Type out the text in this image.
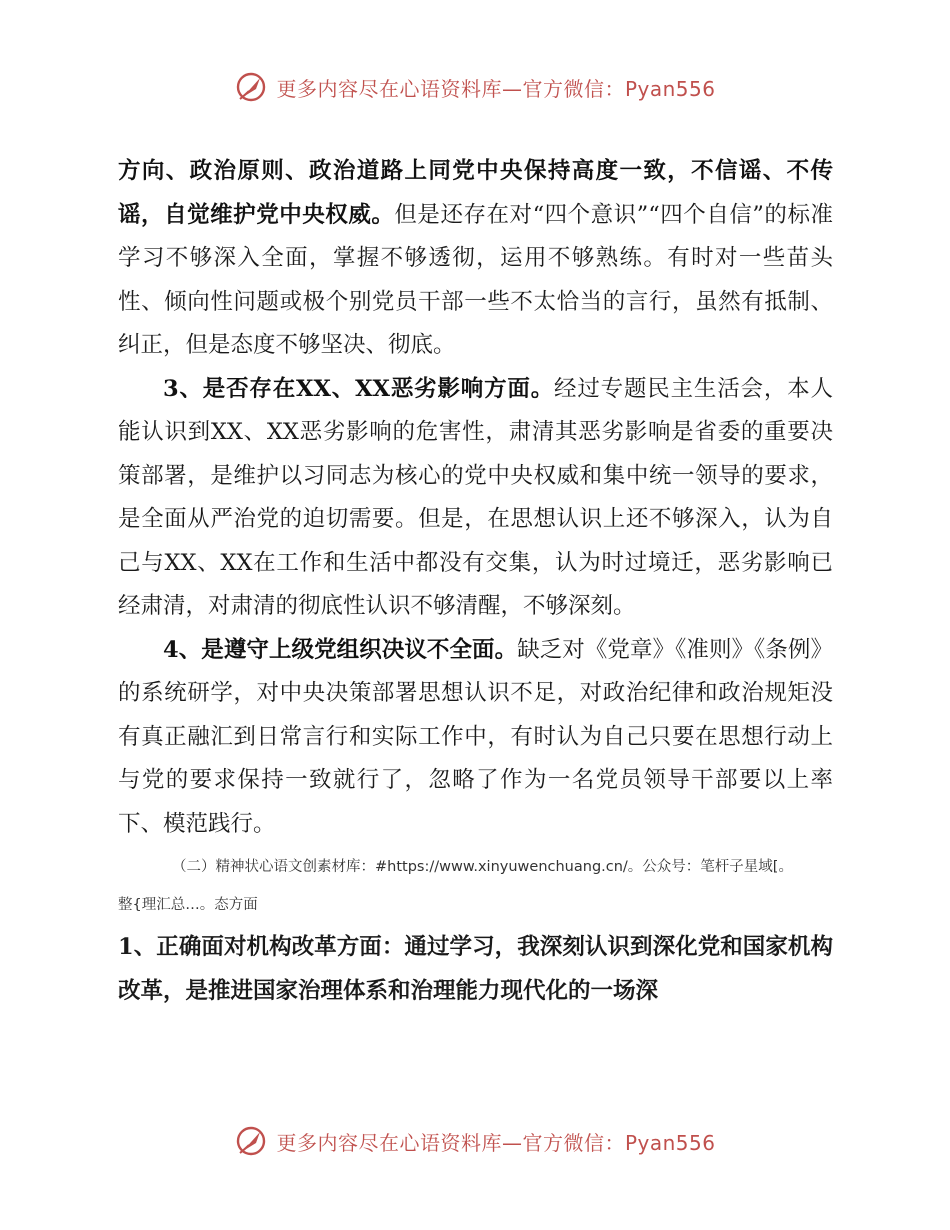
更多内容尽在心语资料库—官方微信：Pyan556

方向、政治原则、政治道路上同党中央保持高度一致，不信谣、不传谣，自觉维护党中央权威。但是还存在对“四个意识”“四个自信”的标准学习不够深入全面，掌握不够透彻，运用不够熟练。有时对一些苗头性、倾向性问题或极个别党员干部一些不太恰当的言行，虽然有抵制、纠正，但是态度不够坚决、彻底。

3、是否存在XX、XX恶劣影响方面。经过专题民主生活会，本人能认识到XX、XX恶劣影响的危害性，肃清其恶劣影响是省委的重要决策部署，是维护以习同志为核心的党中央权威和集中统一领导的要求，是全面从严治党的迫切需要。但是，在思想认识上还不够深入，认为自己与XX、XX在工作和生活中都没有交集，认为时过境迁，恶劣影响已经肃清，对肃清的彻底性认识不够清醒，不够深刻。

4、是遵守上级党组织决议不全面。缺乏对《党章》《准则》《条例》的系统研学，对中央决策部署思想认识不足，对政治纪律和政治规矩没有真正融汇到日常言行和实际工作中，有时认为自己只要在思想行动上与党的要求保持一致就行了，忽略了作为一名党员领导干部要以上率下、模范践行。

（二）精神状心语文创素材库：#https://www.xinyuwenchuang.cn/。公众号：笔杆子星域[。

整{理汇总…。态方面

1、正确面对机构改革方面：通过学习，我深刻认识到深化党和国家机构改革，是推进国家治理体系和治理能力现代化的一场深

更多内容尽在心语资料库—官方微信：Pyan556
